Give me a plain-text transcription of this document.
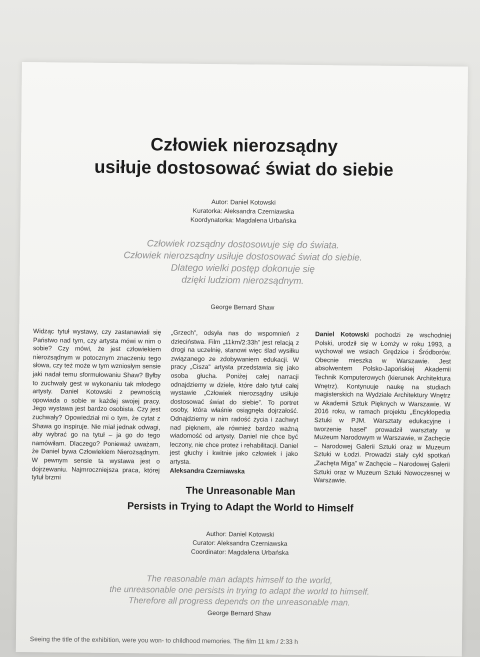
Człowiek nierozsądny
usiłuje dostosować świat do siebie
Autor: Daniel Kotowski
Kuratorka: Aleksandra Czerniawska
Koordynatorka: Magdalena Urbańska
Człowiek rozsądny dostosowuje się do świata.
Człowiek nierozsądny usiłuje dostosować świat do siebie.
Dlatego wielki postęp dokonuje się
dzięki ludziom nierozsądnym.
George Bernard Shaw

Widząc tytuł wystawy, czy zastanawiali się Państwo nad tym, czy artysta mówi w nim o sobie? Czy mówi, że jest człowiekiem nierozsądnym w potocznym znaczeniu tego słowa, czy też może w tym wzniosłym sensie jaki nadał temu sformułowaniu Shaw? Byłby to zuchwały gest w wykonaniu tak młodego artysty. Daniel Kotowski z pewnością opowiada o sobie w każdej swojej pracy. Jego wystawa jest bardzo osobista. Czy jest zuchwały? Opowiedział mi o tym, że cytat z Shawa go inspiruje. Nie miał jednak odwagi, aby wybrać go na tytuł – ja go do tego namówiłam. Dlaczego? Ponieważ uważam, że Daniel bywa Człowiekiem Nierozsądnym. W pewnym sensie ta wystawa jest o dojrzewaniu. Najmroczniejsza praca, której tytuł brzmi

„Grzech”, odsyła nas do wspomnień z dzieciństwa. Film „11km/2:33h” jest relacją z drogi na uczelnię, stanowi więc ślad wysiłku związanego ze zdobywaniem edukacji. W pracy „Cisza” artysta przedstawia się jako osoba głucha. Poniżej całej narracji odnajdziemy w dziele, które dało tytuł całej wystawie „Człowiek nierozsądny usiłuje dostosować świat do siebie”. To portret osoby, która właśnie osiągnęła dojrzałość. Odnajdziemy w nim radość życia i zachwyt nad pięknem, ale również bardzo ważną wiadomość od artysty. Daniel nie chce być leczony, nie chce protez i rehabilitacji. Daniel jest głuchy i kwitnie jako człowiek i jako artysta.

Aleksandra Czerniawska

Daniel Kotowski pochodzi ze wschodniej Polski, urodził się w Łomży w roku 1993, a wychował we wsiach Grędzice i Śródborów. Obecnie mieszka w Warszawie. Jest absolwentem Polsko-Japońskiej Akademii Technik Komputerowych (kierunek Architektura Wnętrz). Kontynuuje naukę na studiach magisterskich na Wydziale Architektury Wnętrz w Akademii Sztuk Pięknych w Warszawie. W 2016 roku, w ramach projektu „Encyklopedia Sztuki w PJM. Warsztaty edukacyjne i tworzenie haseł” prowadził warsztaty w Muzeum Narodowym w Warszawie, w Zachęcie – Narodowej Galerii Sztuki oraz w Muzeum Sztuki w Łodzi. Prowadzi stały cykl spotkań „Zachęta Miga” w Zachęcie – Narodowej Galerii Sztuki oraz w Muzeum Sztuki Nowoczesnej w Warszawie.

The Unreasonable Man
Persists in Trying to Adapt the World to Himself
Author: Daniel Kotowski
Curator: Aleksandra Czerniawska
Coordinator: Magdalena Urbańska
The reasonable man adapts himself to the world,
the unreasonable one persists in trying to adapt the world to himself.
Therefore all progress depends on the unreasonable man.
George Bernard Shaw
Seeing the title of the exhibition, were you won- to childhood memories. The film 11 km / 2:33 h
